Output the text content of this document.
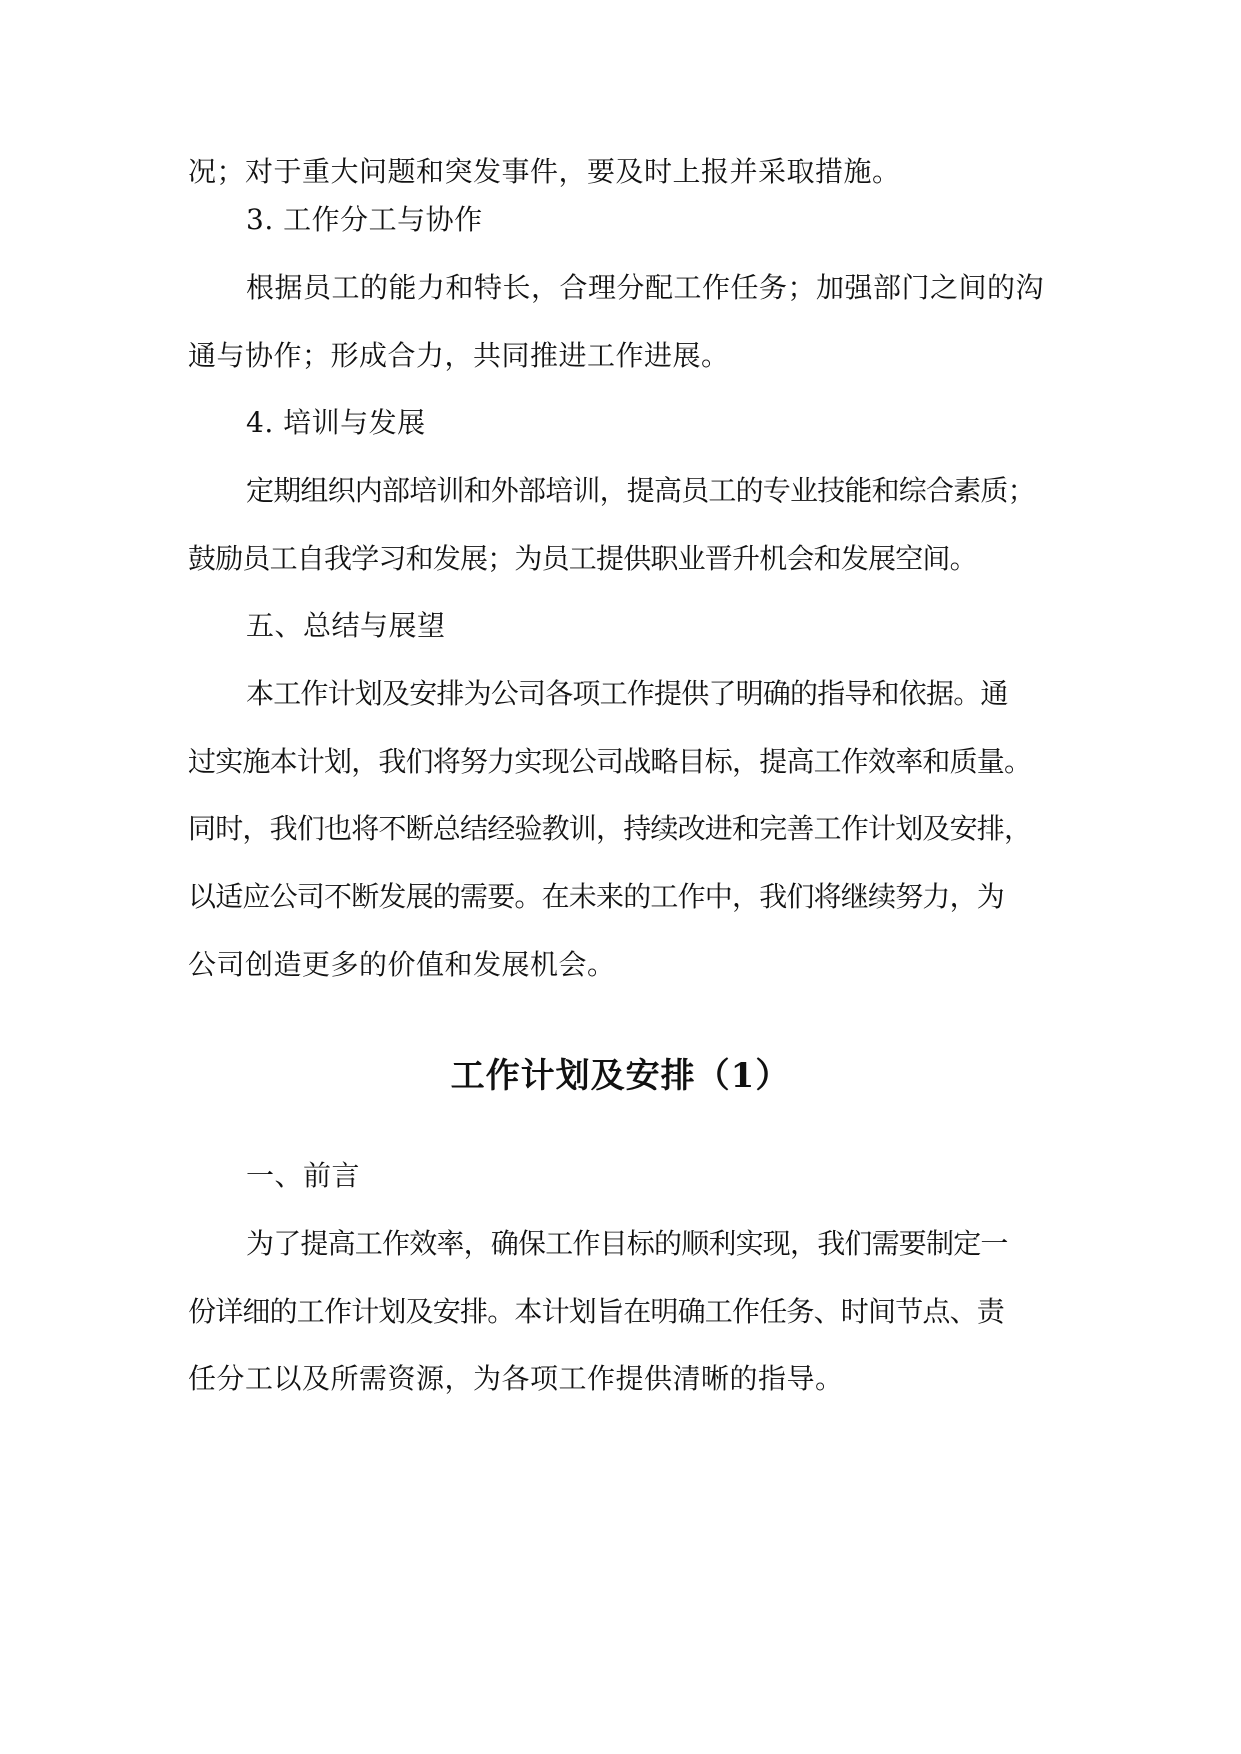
况；对于重大问题和突发事件，要及时上报并采取措施。
3. 工作分工与协作
根据员工的能力和特长，合理分配工作任务；加强部门之间的沟
通与协作；形成合力，共同推进工作进展。
4. 培训与发展
定期组织内部培训和外部培训，提高员工的专业技能和综合素质；
鼓励员工自我学习和发展；为员工提供职业晋升机会和发展空间。
五、总结与展望
本工作计划及安排为公司各项工作提供了明确的指导和依据。通
过实施本计划，我们将努力实现公司战略目标，提高工作效率和质量。
同时，我们也将不断总结经验教训，持续改进和完善工作计划及安排，
以适应公司不断发展的需要。在未来的工作中，我们将继续努力，为
公司创造更多的价值和发展机会。
工作计划及安排（1）
一、前言
为了提高工作效率，确保工作目标的顺利实现，我们需要制定一
份详细的工作计划及安排。本计划旨在明确工作任务、时间节点、责
任分工以及所需资源，为各项工作提供清晰的指导。
